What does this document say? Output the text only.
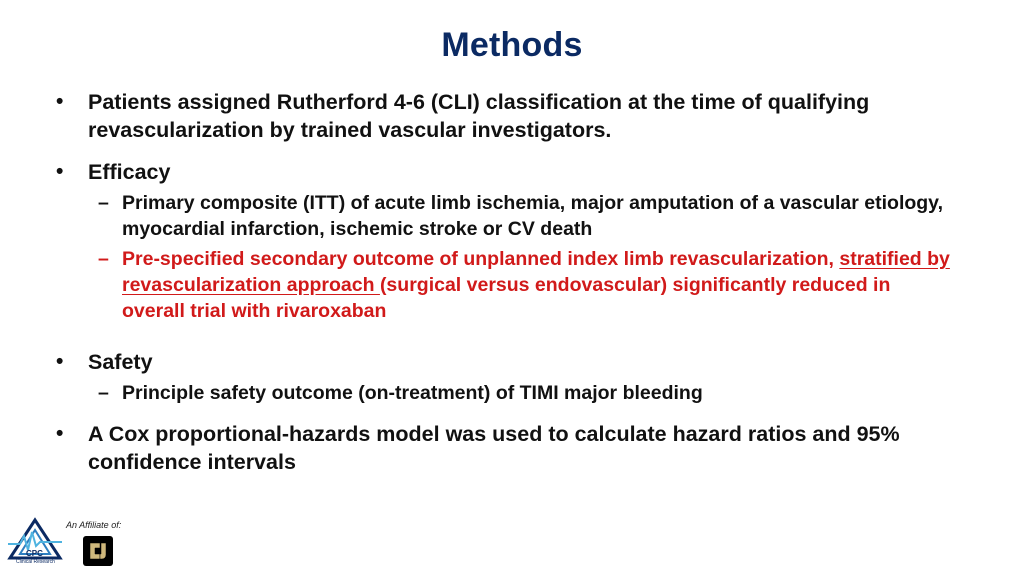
Methods
•	Patients assigned Rutherford 4-6 (CLI) classification at the time of qualifying revascularization by trained vascular investigators.
•	Efficacy
– Primary composite (ITT) of acute limb ischemia, major amputation of a vascular etiology, myocardial infarction, ischemic stroke or CV death
– Pre-specified secondary outcome of unplanned index limb revascularization, stratified by revascularization approach (surgical versus endovascular) significantly reduced in overall trial with rivaroxaban
•	Safety
– Principle safety outcome (on-treatment) of TIMI major bleeding
•	A Cox proportional-hazards model was used to calculate hazard ratios and 95% confidence intervals
CPC
Clinical Research
An Affiliate of:
